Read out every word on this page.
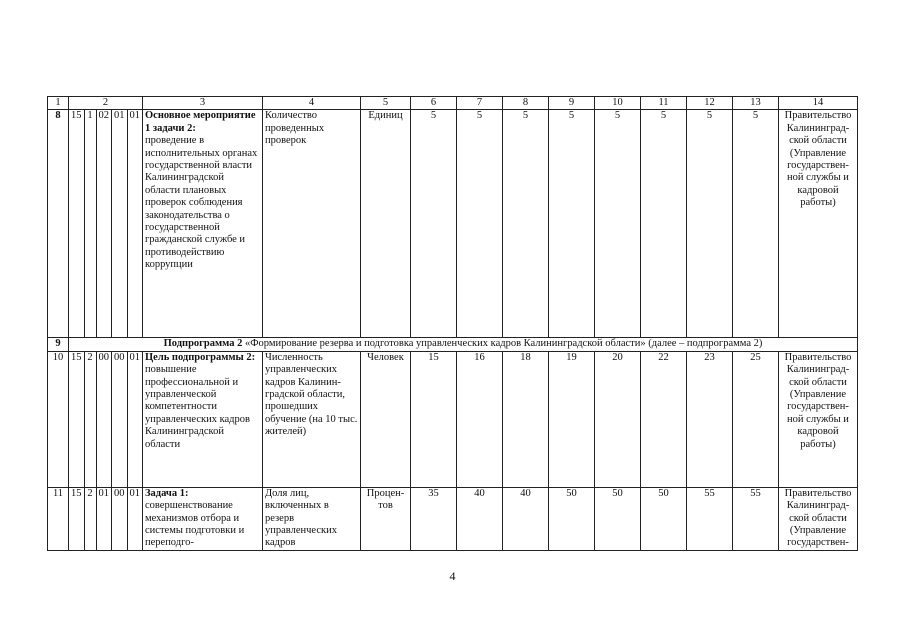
1	2					3	4	5	6	7	8	9	10	11	12	13	14
8	15	1	02	01	01	Основное мероприятие 1 задачи 2:
проведение в исполнительных органах государственной власти Калининградской области плановых проверок соблюдения законодательства о государственной гражданской службе и противодействию коррупции	Количество проведенных проверок	Единиц	5	5	5	5	5	5	5	5	Правительство Калининградской области (Управление государственной службы и кадровой работы)
9	Подпрограмма 2 «Формирование резерва и подготовка управленческих кадров Калининградской области» (далее – подпрограмма 2)																
10	15	2	00	00	01	Цель подпрограммы 2:
повышение профессиональной и управленческой компетентности управленческих кадров Калининградской области	Численность управленческих кадров Калининградской области, прошедших обучение (на 10 тыс. жителей)	Человек	15	16	18	19	20	22	23	25	Правительство Калининградской области (Управление государственной службы и кадровой работы)
11	15	2	01	00	01	Задача 1:
совершенствование механизмов отбора и системы подготовки и переподго-	Доля лиц, включенных в резерв управленческих кадров	Процентов	35	40	40	50	50	50	55	55	Правительство Калининградской области (Управление государствен-
4
